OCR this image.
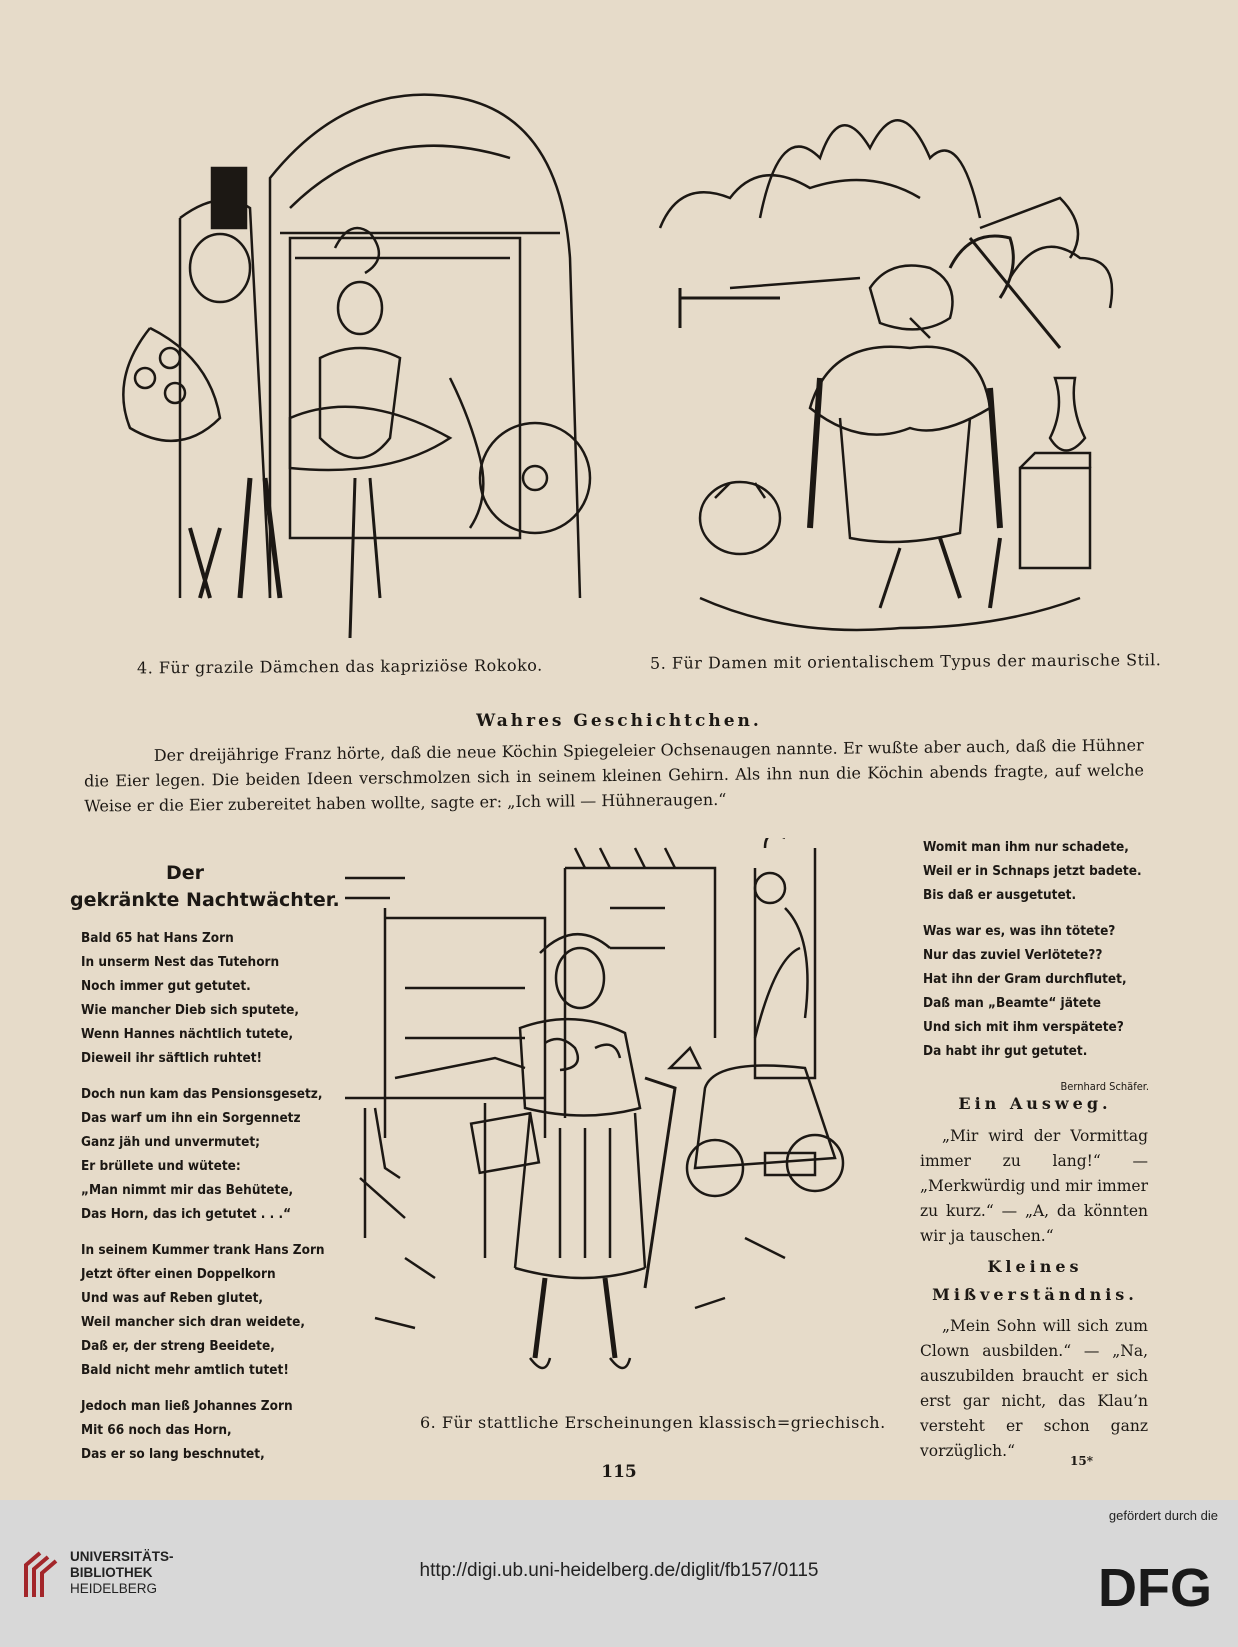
4. Für grazile Dämchen das kapriziöse Rokoko.	5. Für Damen mit orientalischem Typus der maurische Stil.
Wahres Geschichtchen.
Der dreijährige Franz hörte, daß die neue Köchin Spiegeleier Ochsenaugen nannte. Er wußte aber auch, daß die Hühner die Eier legen. Die beiden Ideen verschmolzen sich in seinem kleinen Gehirn. Als ihn nun die Köchin abends fragte, auf welche Weise er die Eier zubereitet haben wollte, sagte er: „Ich will — Hühneraugen.“
Der
gekränkte Nachtwächter.
Bald 65 hat Hans Zorn
In unserm Nest das Tutehorn
Noch immer gut getutet.
Wie mancher Dieb sich sputete,
Wenn Hannes nächtlich tutete,
Dieweil ihr säftlich ruhtet!
Doch nun kam das Pensionsgesetz,
Das warf um ihn ein Sorgennetz
Ganz jäh und unvermutet;
Er brüllete und wütete:
„Man nimmt mir das Behütete,
Das Horn, das ich getutet . . .“
In seinem Kummer trank Hans Zorn
Jetzt öfter einen Doppelkorn
Und was auf Reben glutet,
Weil mancher sich dran weidete,
Daß er, der streng Beeidete,
Bald nicht mehr amtlich tutet!
Jedoch man ließ Johannes Zorn
Mit 66 noch das Horn,
Das er so lang beschnutet,
6. Für stattliche Erscheinungen klassisch=griechisch.
Womit man ihm nur schadete,
Weil er in Schnaps jetzt badete.
Bis daß er ausgetutet.
Was war es, was ihn tötete?
Nur das zuviel Verlötete??
Hat ihn der Gram durchflutet,
Daß man „Beamte“ jätete
Und sich mit ihm verspätete?
Da habt ihr gut getutet.
Bernhard Schäfer.
Ein Ausweg.
„Mir wird der Vormittag immer zu lang!“ — „Merkwürdig und mir immer zu kurz.“ — „A, da könnten wir ja tauschen.“
Kleines
Mißverständnis.
„Mein Sohn will sich zum Clown ausbilden.“ — „Na, auszubilden braucht er sich erst gar nicht, das Klau’n versteht er schon ganz vorzüglich.“
115
15*
UNIVERSITÄTS-
BIBLIOTHEK
HEIDELBERG
http://digi.ub.uni-heidelberg.de/diglit/fb157/0115
gefördert durch die
DFG
